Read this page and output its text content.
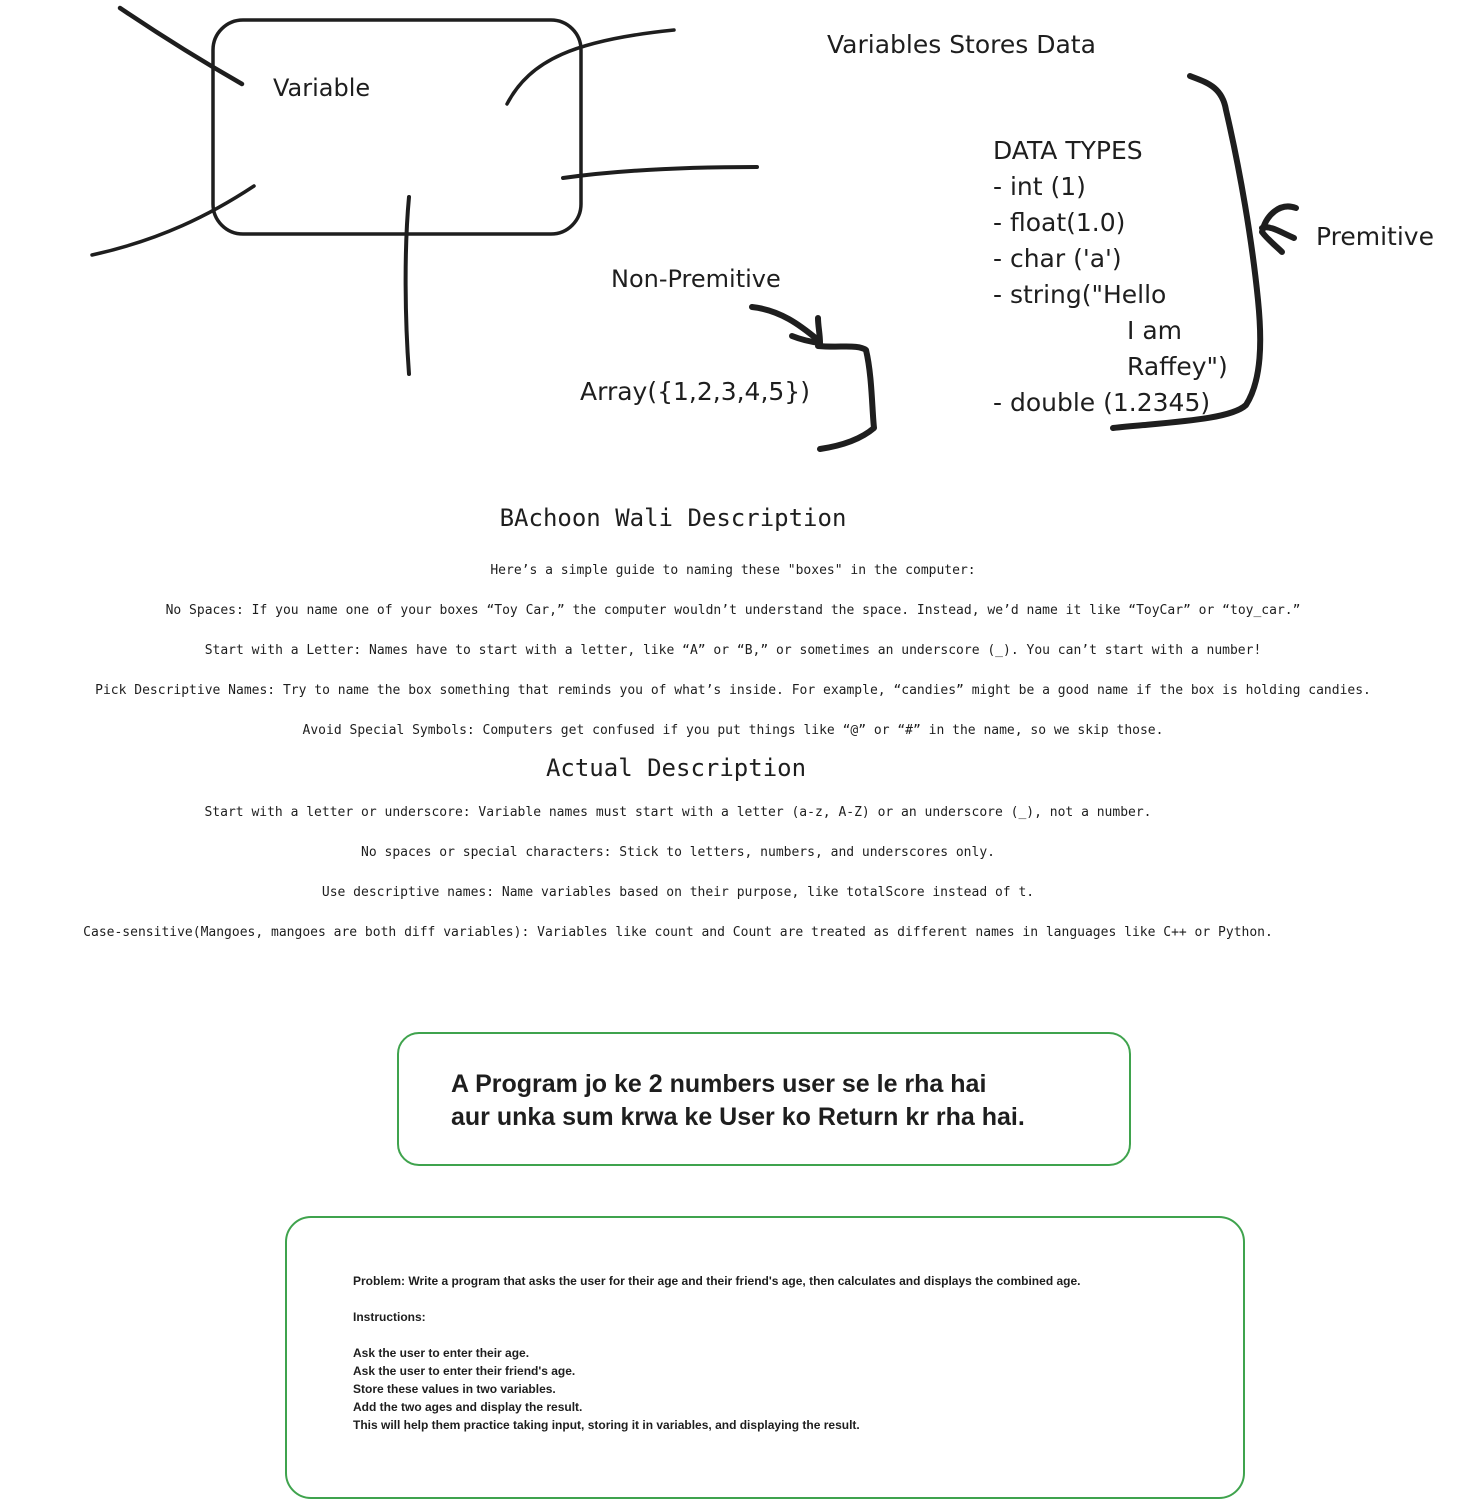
Variable
Variables Stores Data
DATA TYPES
- int (1)
- float(1.0)
- char ('a')
- string("Hello
I am
Raffey")
- double (1.2345)
Premitive
Non-Premitive
Array({1,2,3,4,5})
BAchoon Wali Description
Here’s a simple guide to naming these "boxes" in the computer:
No Spaces: If you name one of your boxes “Toy Car,” the computer wouldn’t understand the space. Instead, we’d name it like “ToyCar” or “toy_car.”
Start with a Letter: Names have to start with a letter, like “A” or “B,” or sometimes an underscore (_). You can’t start with a number!
Pick Descriptive Names: Try to name the box something that reminds you of what’s inside. For example, “candies” might be a good name if the box is holding candies.
Avoid Special Symbols: Computers get confused if you put things like “@” or “#” in the name, so we skip those.
Actual Description
Start with a letter or underscore: Variable names must start with a letter (a-z, A-Z) or an underscore (_), not a number.
No spaces or special characters: Stick to letters, numbers, and underscores only.
Use descriptive names: Name variables based on their purpose, like totalScore instead of t.
Case-sensitive(Mangoes, mangoes are both diff variables): Variables like count and Count are treated as different names in languages like C++ or Python.
A Program jo ke 2 numbers user se le rha hai
aur unka sum krwa ke User ko Return kr rha hai.
Problem: Write a program that asks the user for their age and their friend's age, then calculates and displays the combined age.

Instructions:

Ask the user to enter their age.
Ask the user to enter their friend's age.
Store these values in two variables.
Add the two ages and display the result.
This will help them practice taking input, storing it in variables, and displaying the result.
